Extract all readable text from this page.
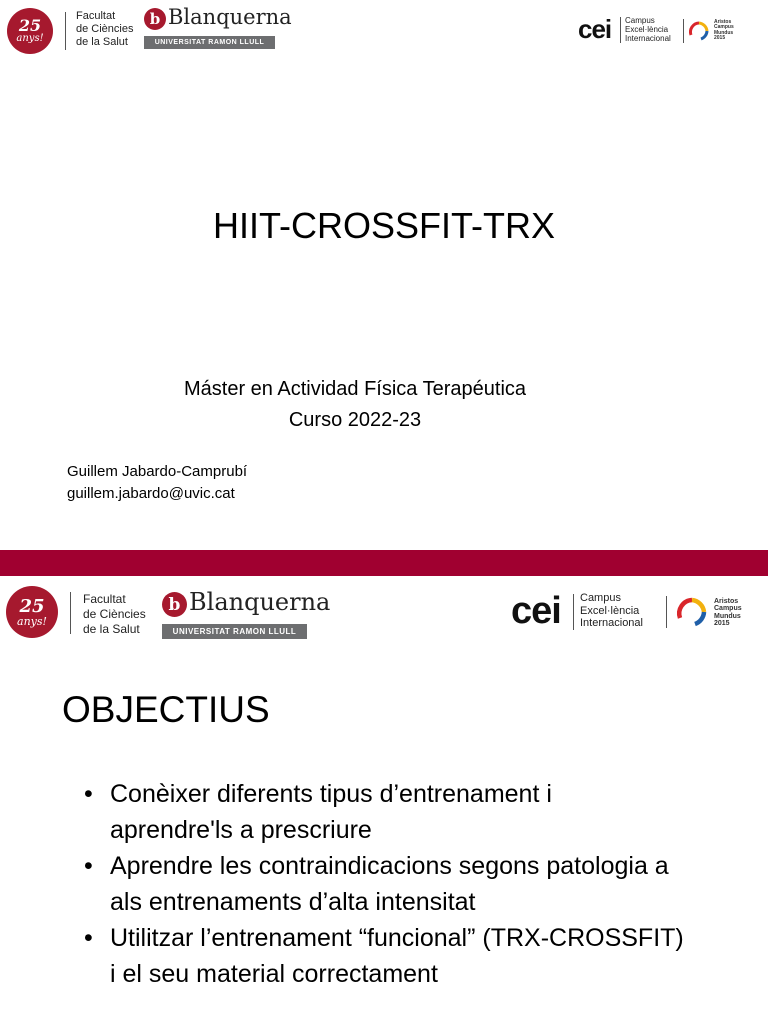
25
anys!
Facultat
de Ciències
de la Salut
b Blanquerna
UNIVERSITAT RAMON LLULL	cei Campus
Excel·lència
Internacional
Aristos
Campus
Mundus
2015
HIIT-CROSSFIT-TRX
Máster en Actividad Física Terapéutica
Curso 2022-23
Guillem Jabardo-Camprubí
guillem.jabardo@uvic.cat
25
anys!
Facultat
de Ciències
de la Salut
b Blanquerna
UNIVERSITAT RAMON LLULL	cei Campus
Excel·lència
Internacional
Aristos
Campus
Mundus
2015
OBJECTIUS
• Conèixer diferents tipus d’entrenament i
aprendre'ls a prescriure
• Aprendre les contraindicacions segons patologia a
als entrenaments d’alta intensitat
• Utilitzar l’entrenament “funcional” (TRX-CROSSFIT)
i el seu material correctament
